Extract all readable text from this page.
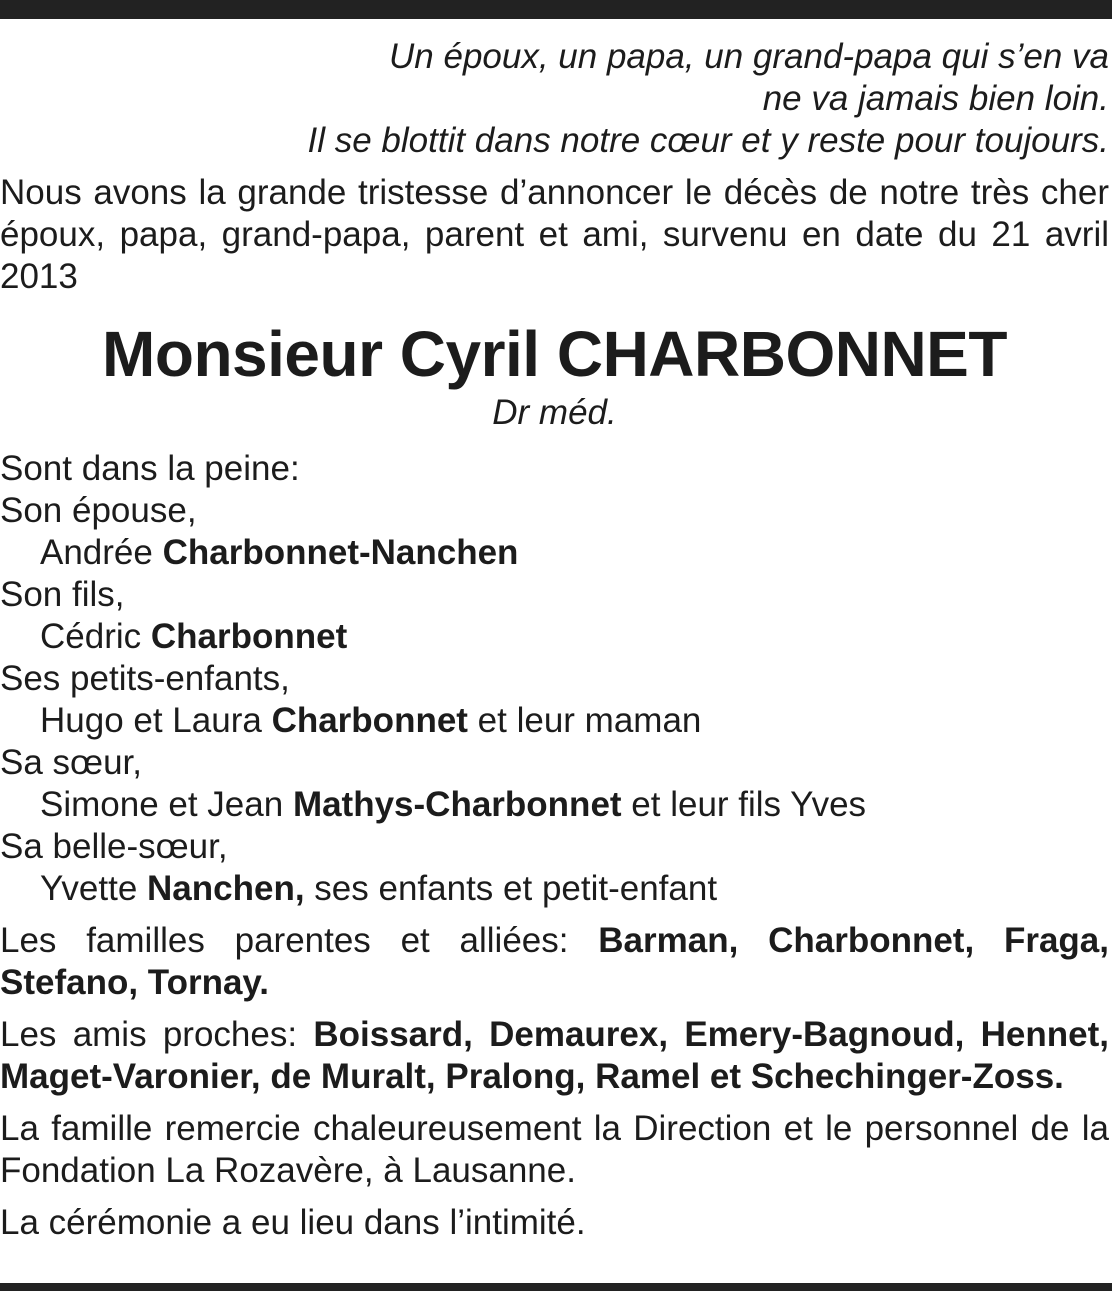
Un époux, un papa, un grand-papa qui s’en va
ne va jamais bien loin.
Il se blottit dans notre cœur et y reste pour toujours.

Nous avons la grande tristesse d’annoncer le décès de notre très cher époux, papa, grand-papa, parent et ami, survenu en date du 21 avril 2013

Monsieur Cyril CHARBONNET
Dr méd.
Sont dans la peine:
Son épouse,
Andrée Charbonnet-Nanchen
Son fils,
Cédric Charbonnet
Ses petits-enfants,
Hugo et Laura Charbonnet et leur maman
Sa sœur,
Simone et Jean Mathys-Charbonnet et leur fils Yves
Sa belle-sœur,
Yvette Nanchen, ses enfants et petit-enfant

Les familles parentes et alliées: Barman, Charbonnet, Fraga, Stefano, Tornay.

Les amis proches: Boissard, Demaurex, Emery-Bagnoud, Hennet, Maget-Varonier, de Muralt, Pralong, Ramel et Schechinger-Zoss.

La famille remercie chaleureusement la Direction et le personnel de la Fondation La Rozavère, à Lausanne.

La cérémonie a eu lieu dans l’intimité.
